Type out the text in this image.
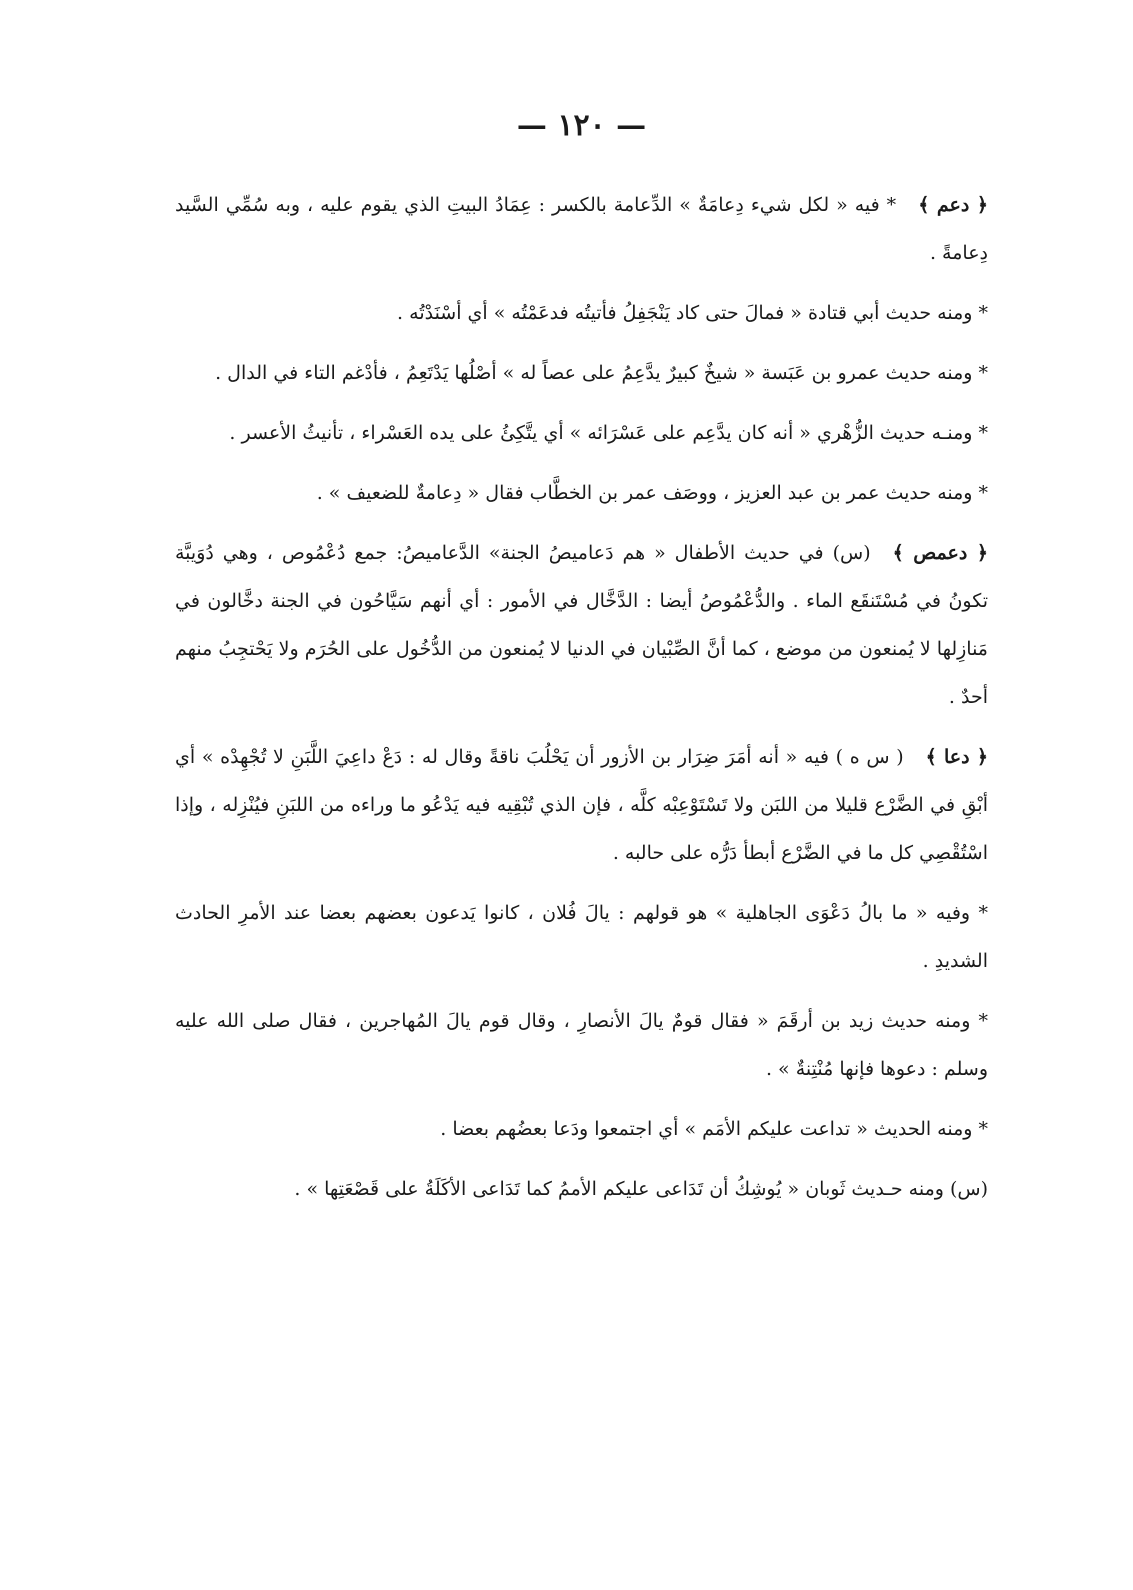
— ١٢٠ —

﴿ دعم ﴾* فيه « لكل شيء دِعامَةٌ » الدِّعامة بالكسر : عِمَادُ البيتِ الذي يقوم عليه ، وبه سُمِّي السَّيد دِعامةً .

* ومنه حديث أبي قتادة « فمالَ حتى كاد يَنْجَفِلُ فأتيتُه فدعَمْتُه » أي أسْنَدْتُه .

* ومنه حديث عمرو بن عَبَسة « شيخٌ كبيرٌ يدَّعِمُ على عصاً له » أصْلُها يَدْتَعِمُ ، فأدْغم التاء في الدال .

* ومنـه حديث الزُّهْري « أنه كان يدَّعِم على عَسْرَائه » أي يتَّكِئُ على يده العَسْراء ، تأنيثُ الأعسر .

* ومنه حديث عمر بن عبد العزيز ، ووصَف عمر بن الخطَّاب فقال « دِعامةٌ للضعيف » .

﴿ دعمص ﴾(س) في حديث الأطفال « هم دَعاميصُ الجنة» الدَّعاميصُ: جمع دُعْمُوص ، وهي دُوَيبَّة تكونُ في مُسْتَنقَع الماء . والدُّعْمُوصُ أيضا : الدَّخَّال في الأمور : أي أنهم سَيَّاحُون في الجنة دخَّالون في مَنازِلها لا يُمنعون من موضع ، كما أنَّ الصِّبْيان في الدنيا لا يُمنعون من الدُّخُول على الحُرَم ولا يَحْتجِبُ منهم أحدٌ .

﴿ دعا ﴾( س ه ) فيه « أنه أمَرَ ضِرَار بن الأزور أن يَحْلُبَ ناقةً وقال له : دَعْ داعِيَ اللَّبَنِ لا تُجْهِدْه » أي أبْقِ في الضَّرْع قليلا من اللبَن ولا تَسْتَوْعِبْه كلَّه ، فإن الذي تُبْقِيه فيه يَدْعُو ما وراءه من اللبَنِ فيُنْزِله ، وإذا اسْتُقْصِي كل ما في الضَّرْع أبطأ دَرُّه على حالبه .

* وفيه « ما بالُ دَعْوَى الجاهلية » هو قولهم : يالَ فُلان ، كانوا يَدعون بعضهم بعضا عند الأمرِ الحادث الشديدِ .

* ومنه حديث زيد بن أرقَمَ « فقال قومٌ يالَ الأنصارِ ، وقال قوم يالَ المُهاجرين ، فقال صلى الله عليه وسلم : دعوها فإنها مُنْتِنةٌ » .

* ومنه الحديث « تداعت عليكم الأمَم » أي اجتمعوا ودَعا بعضُهم بعضا .

(س) ومنه حـديث ثَوبان « يُوشِكُ أن تَدَاعى عليكم الأممُ كما تَدَاعى الأكَلَةُ على قَصْعَتِها » .
